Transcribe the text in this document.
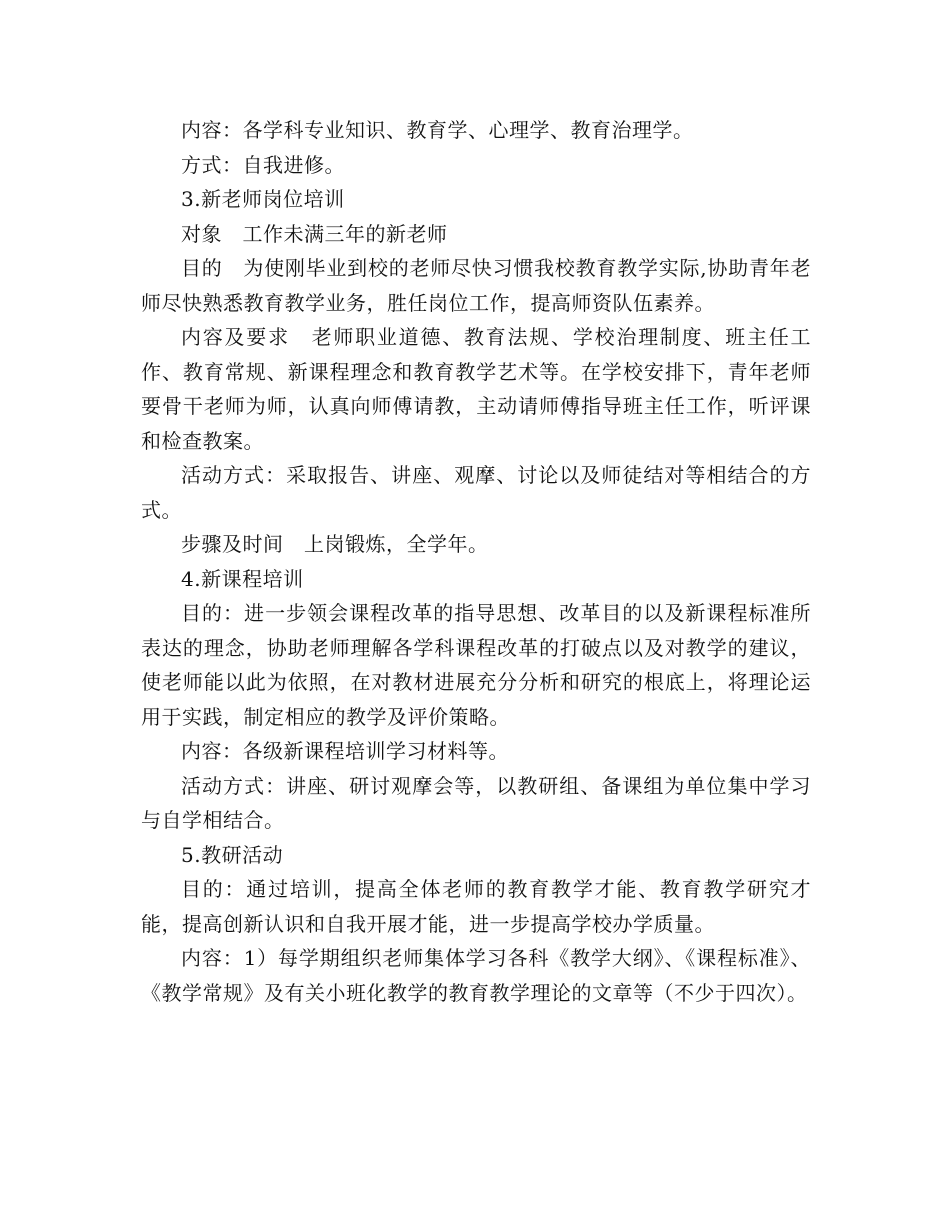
内容：各学科专业知识、教育学、心理学、教育治理学。

方式：自我进修。

3.新老师岗位培训

对象　工作未满三年的新老师

目的　为使刚毕业到校的老师尽快习惯我校教育教学实际,协助青年老师尽快熟悉教育教学业务，胜任岗位工作，提高师资队伍素养。

内容及要求　老师职业道德、教育法规、学校治理制度、班主任工作、教育常规、新课程理念和教育教学艺术等。在学校安排下，青年老师要骨干老师为师，认真向师傅请教，主动请师傅指导班主任工作，听评课和检查教案。

活动方式：采取报告、讲座、观摩、讨论以及师徒结对等相结合的方式。

步骤及时间　上岗锻炼，全学年。

4.新课程培训

目的：进一步领会课程改革的指导思想、改革目的以及新课程标准所表达的理念，协助老师理解各学科课程改革的打破点以及对教学的建议，使老师能以此为依照，在对教材进展充分分析和研究的根底上，将理论运用于实践，制定相应的教学及评价策略。

内容：各级新课程培训学习材料等。

活动方式：讲座、研讨观摩会等，以教研组、备课组为单位集中学习与自学相结合。

5.教研活动

目的：通过培训，提高全体老师的教育教学才能、教育教学研究才能，提高创新认识和自我开展才能，进一步提高学校办学质量。

内容：1）每学期组织老师集体学习各科《教学大纲》、《课程标准》、《教学常规》及有关小班化教学的教育教学理论的文章等（不少于四次）。
